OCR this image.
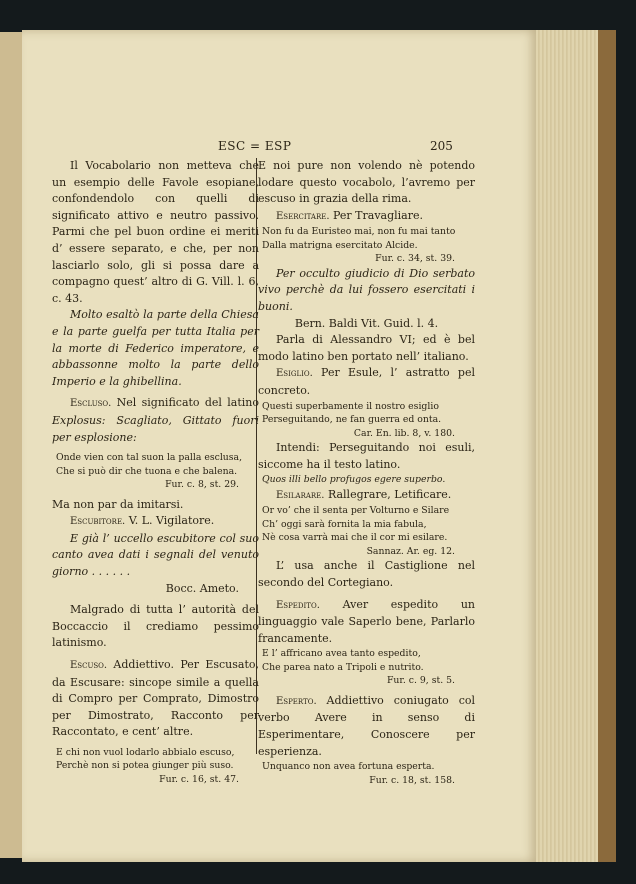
ESC = ESP	205

Il Vocabolario non metteva che un esempio delle Favole esopiane, confondendolo con quelli di significato attivo e neutro passivo. Parmi che pel buon ordine ei meriti d’ essere separato, e che, per non lasciarlo solo, gli si possa dare a compagno quest’ altro di G. Vill. l. 6, c. 43.

Molto esaltò la parte della Chiesa e la parte guelfa per tutta Italia per la morte di Federico imperatore, e abbassonne molto la parte dello Imperio e la ghibellina.

Escluso. Nel significato del latino Explosus: Scagliato, Gittato fuori per esplosione:

Onde vien con tal suon la palla esclusa,

Che si può dir che tuona e che balena.

Fur. c. 8, st. 29.

Ma non par da imitarsi.

Escubitore. V. L. Vigilatore.

E già l’ uccello escubitore col suo canto avea dati i segnali del venuto giorno . . . . . .

Bocc. Ameto.

Malgrado di tutta l’ autorità del Boccaccio il crediamo pessimo latinismo.

Escuso. Addiettivo. Per Escusato, da Escusare: sincope simile a quella di Compro per Comprato, Dimostro per Dimostrato, Racconto per Raccontato, e cent’ altre.

E chi non vuol lodarlo abbialo escuso,

Perchè non si potea giunger più suso.

Fur. c. 16, st. 47.

E noi pure non volendo nè potendo lodare questo vocabolo, l’avremo per escuso in grazia della rima.

Esercitare. Per Travagliare.

Non fu da Euristeo mai, non fu mai tanto

Dalla matrigna esercitato Alcide.

Fur. c. 34, st. 39.

Per occulto giudicio di Dio serbato vivo perchè da lui fossero esercitati i buoni.

Bern. Baldi Vit. Guid. l. 4.

Parla di Alessandro VI; ed è bel modo latino ben portato nell’ italiano.

Esiglio. Per Esule, l’ astratto pel concreto.

Questi superbamente il nostro esiglio

Perseguitando, ne fan guerra ed onta.

Car. En. lib. 8, v. 180.

Intendi: Perseguitando noi esuli, siccome ha il testo latino.

Quos illi bello profugos egere superbo.

Esilarare. Rallegrare, Letificare.

Or vo’ che il senta per Volturno e Silare

Ch’ oggi sarà fornita la mia fabula,

Nè cosa varrà mai che il cor mi esilare.

Sannaz. Ar. eg. 12.

L’ usa anche il Castiglione nel secondo del Cortegiano.

Espedito. Aver espedito un linguaggio vale Saperlo bene, Parlarlo francamente.

E l’ affricano avea tanto espedito,

Che parea nato a Tripoli e nutrito.

Fur. c. 9, st. 5.

Esperto. Addiettivo coniugato col verbo Avere in senso di Esperimentare, Conoscere per esperienza.

Unquanco non avea fortuna esperta.

Fur. c. 18, st. 158.
